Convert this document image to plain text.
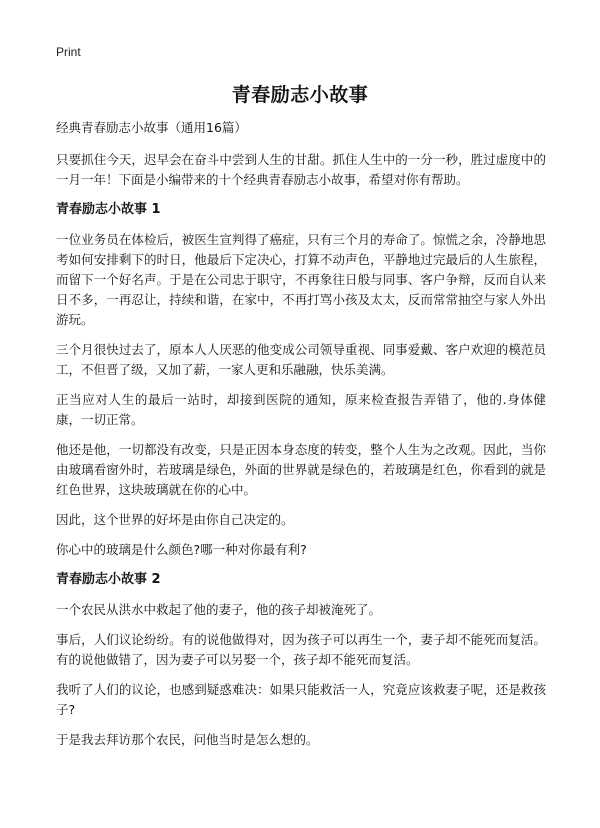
Print
青春励志小故事
经典青春励志小故事（通用16篇）

只要抓住今天，迟早会在奋斗中尝到人生的甘甜。抓住人生中的一分一秒，胜过虚度中的一月一年！下面是小编带来的十个经典青春励志小故事，希望对你有帮助。

青春励志小故事 1

一位业务员在体检后，被医生宣判得了癌症，只有三个月的寿命了。惊慌之余，冷静地思考如何安排剩下的时日，他最后下定决心，打算不动声色，平静地过完最后的人生旅程，而留下一个好名声。于是在公司忠于职守，不再象往日般与同事、客户争辩，反而自认来日不多，一再忍让，持续和谐，在家中，不再打骂小孩及太太，反而常常抽空与家人外出游玩。

三个月很快过去了，原本人人厌恶的他变成公司领导重视、同事爱戴、客户欢迎的模范员工，不但晋了级，又加了薪，一家人更和乐融融，快乐美满。

正当应对人生的最后一站时，却接到医院的通知，原来检查报告弄错了，他的.身体健康，一切正常。

他还是他，一切都没有改变，只是正因本身态度的转变，整个人生为之改观。因此，当你由玻璃看窗外时，若玻璃是绿色，外面的世界就是绿色的，若玻璃是红色，你看到的就是红色世界，这块玻璃就在你的心中。

因此，这个世界的好坏是由你自己决定的。

你心中的玻璃是什么颜色?哪一种对你最有利?

青春励志小故事 2

一个农民从洪水中救起了他的妻子，他的孩子却被淹死了。

事后，人们议论纷纷。有的说他做得对，因为孩子可以再生一个，妻子却不能死而复活。有的说他做错了，因为妻子可以另娶一个，孩子却不能死而复活。

我听了人们的议论，也感到疑惑难决：如果只能救活一人，究竟应该救妻子呢，还是救孩子?

于是我去拜访那个农民，问他当时是怎么想的。
